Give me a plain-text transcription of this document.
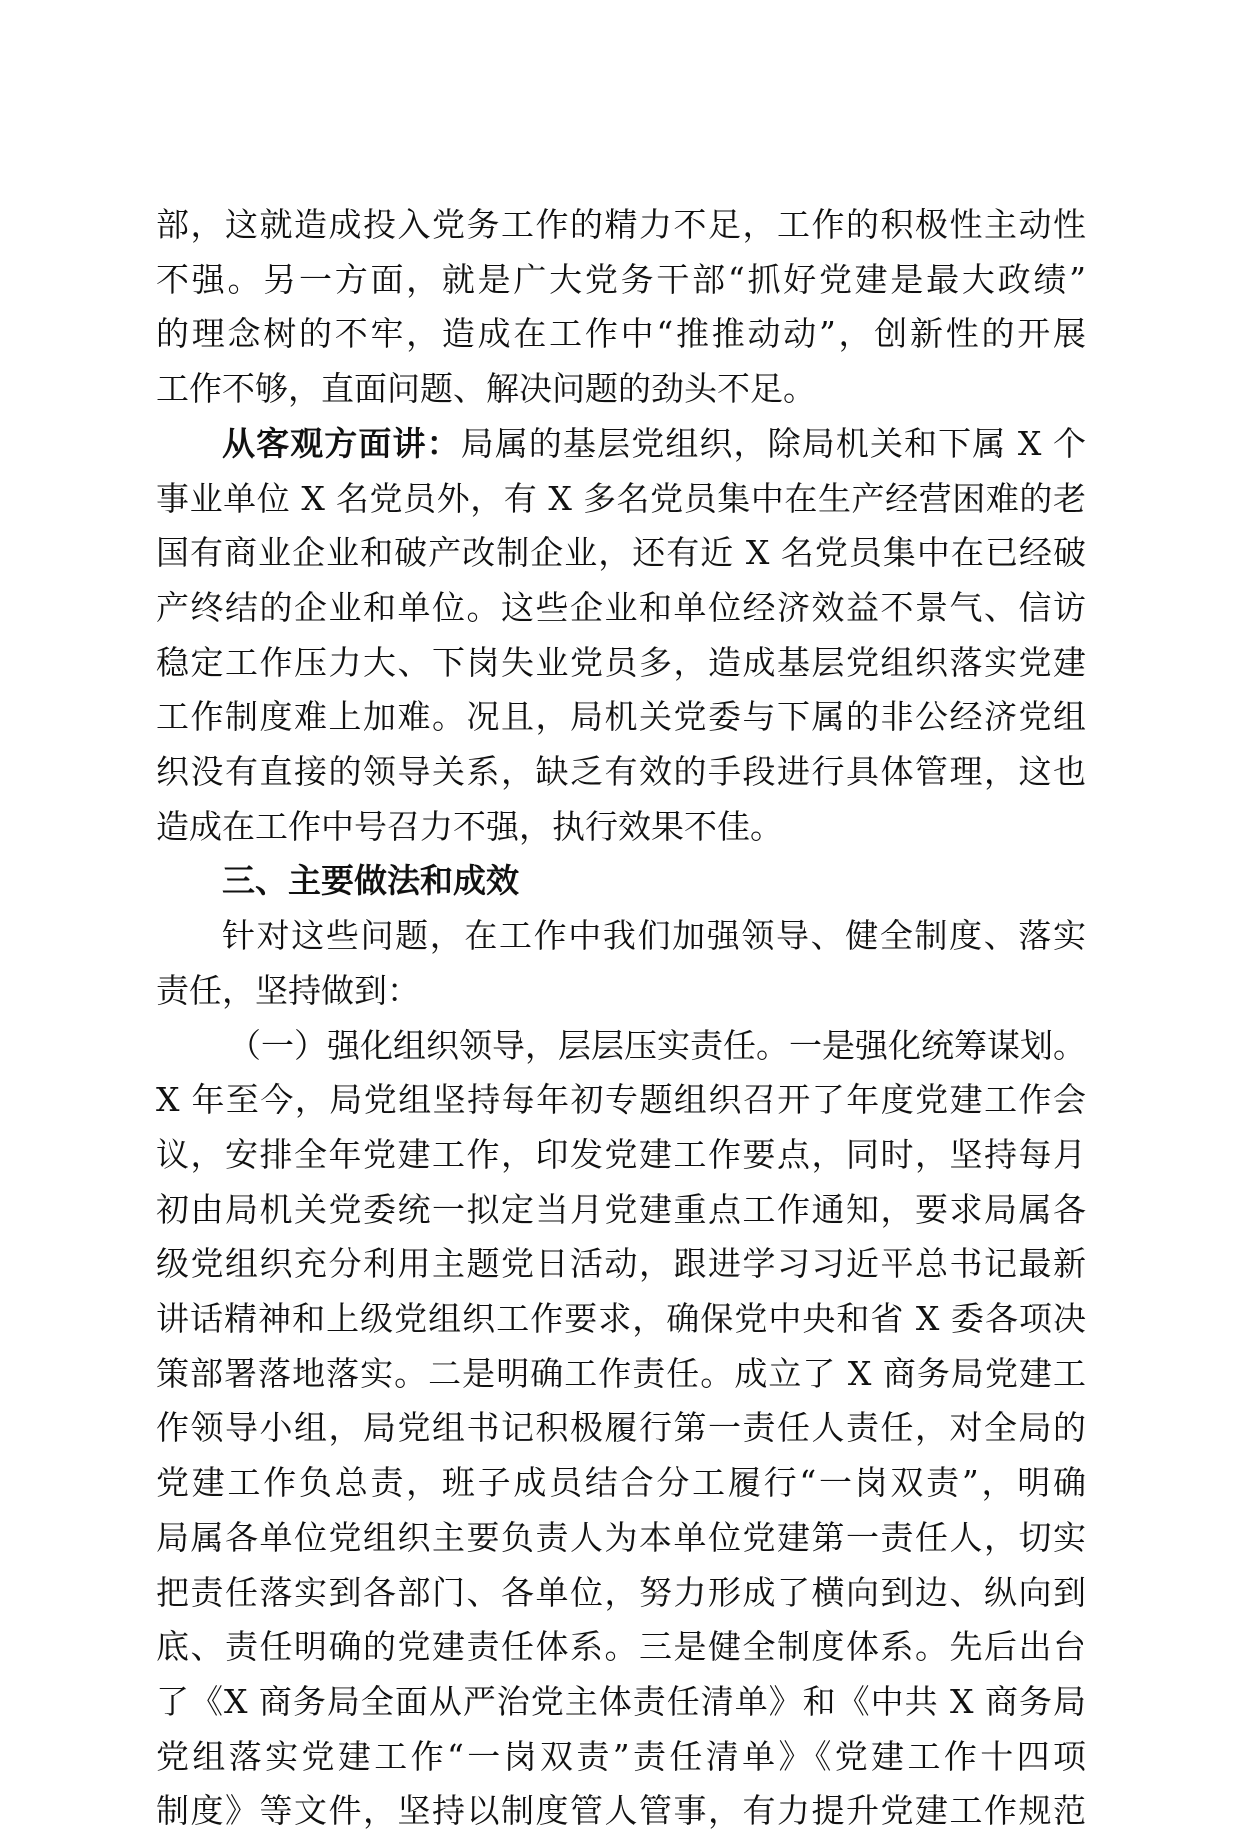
部，这就造成投入党务工作的精力不足，工作的积极性主动性
不强。另一方面，就是广大党务干部“抓好党建是最大政绩”
的理念树的不牢，造成在工作中“推推动动”，创新性的开展
工作不够，直面问题、解决问题的劲头不足。
从客观方面讲：局属的基层党组织，除局机关和下属 X 个
事业单位 X 名党员外，有 X 多名党员集中在生产经营困难的老
国有商业企业和破产改制企业，还有近 X 名党员集中在已经破
产终结的企业和单位。这些企业和单位经济效益不景气、信访
稳定工作压力大、下岗失业党员多，造成基层党组织落实党建
工作制度难上加难。况且，局机关党委与下属的非公经济党组
织没有直接的领导关系，缺乏有效的手段进行具体管理，这也
造成在工作中号召力不强，执行效果不佳。
三、主要做法和成效
针对这些问题，在工作中我们加强领导、健全制度、落实
责任，坚持做到：
（一）强化组织领导，层层压实责任。一是强化统筹谋划。
X 年至今，局党组坚持每年初专题组织召开了年度党建工作会
议，安排全年党建工作，印发党建工作要点，同时，坚持每月
初由局机关党委统一拟定当月党建重点工作通知，要求局属各
级党组织充分利用主题党日活动，跟进学习习近平总书记最新
讲话精神和上级党组织工作要求，确保党中央和省 X 委各项决
策部署落地落实。二是明确工作责任。成立了 X 商务局党建工
作领导小组，局党组书记积极履行第一责任人责任，对全局的
党建工作负总责，班子成员结合分工履行“一岗双责”，明确
局属各单位党组织主要负责人为本单位党建第一责任人，切实
把责任落实到各部门、各单位，努力形成了横向到边、纵向到
底、责任明确的党建责任体系。三是健全制度体系。先后出台
了《X 商务局全面从严治党主体责任清单》和《中共 X 商务局
党组落实党建工作“一岗双责”责任清单》《党建工作十四项
制度》等文件，坚持以制度管人管事，有力提升党建工作规范
